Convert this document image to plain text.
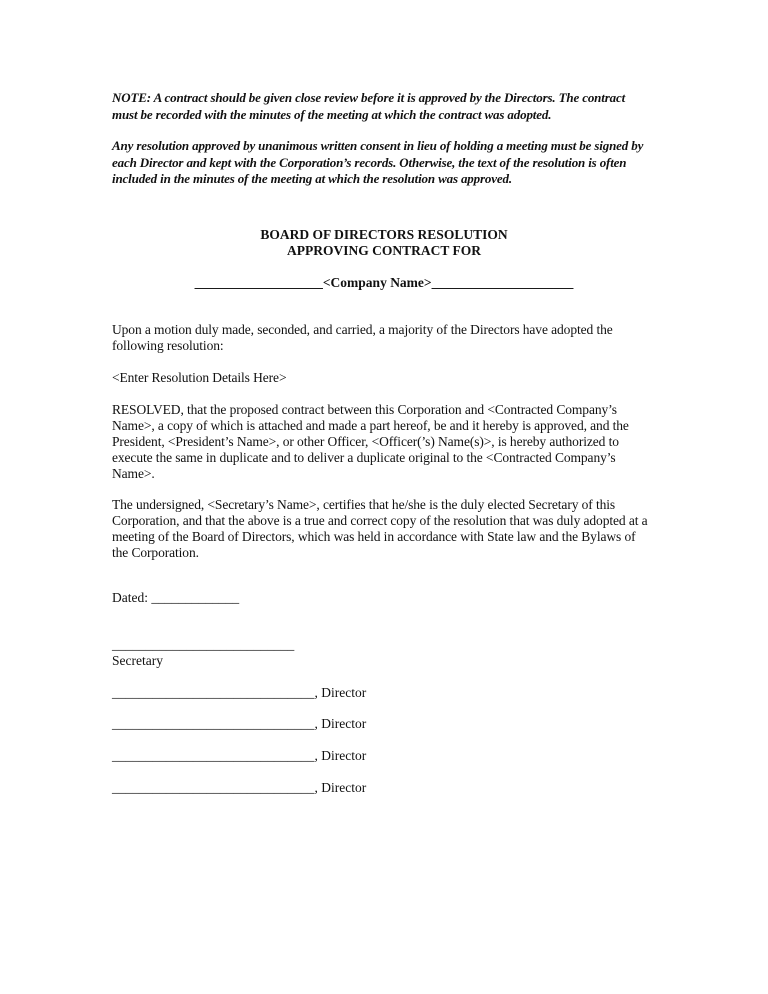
NOTE: A contract should be given close review before it is approved by the Directors. The contract must be recorded with the minutes of the meeting at which the contract was adopted.
Any resolution approved by unanimous written consent in lieu of holding a meeting must be signed by each Director and kept with the Corporation’s records. Otherwise, the text of the resolution is often included in the minutes of the meeting at which the resolution was approved.
BOARD OF DIRECTORS RESOLUTION
APPROVING CONTRACT FOR
___________________<Company Name>_____________________
Upon a motion duly made, seconded, and carried, a majority of the Directors have adopted the following resolution:
<Enter Resolution Details Here>
RESOLVED, that the proposed contract between this Corporation and <Contracted Company’s Name>, a copy of which is attached and made a part hereof, be and it hereby is approved, and the President, <President’s Name>, or other Officer, <Officer(’s) Name(s)>, is hereby authorized to execute the same in duplicate and to deliver a duplicate original to the <Contracted Company’s Name>.
The undersigned, <Secretary’s Name>, certifies that he/she is the duly elected Secretary of this Corporation, and that the above is a true and correct copy of the resolution that was duly adopted at a meeting of the Board of Directors, which was held in accordance with State law and the Bylaws of the Corporation.
Dated: _____________
___________________________
Secretary
______________________________, Director
______________________________, Director
______________________________, Director
______________________________, Director
